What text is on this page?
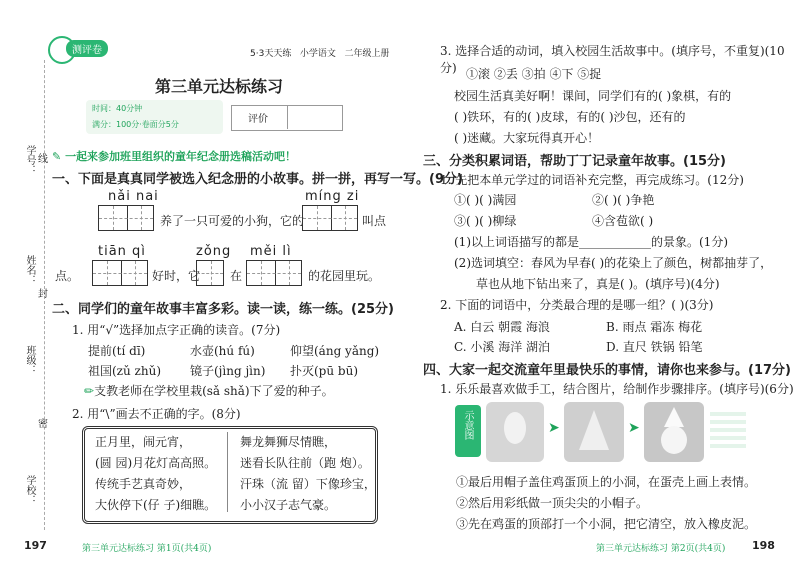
学号： 线
姓名：
封
班级：
密
学校：
测评卷	5·3天天练 小学语文 二年级上册
第三单元达标练习
时间：40分钟
满分：100分·卷面分5分	评价
✎ 一起来参加班里组织的童年纪念册选稿活动吧！
一、下面是真真同学被选入纪念册的小故事。拼一拼，再写一写。(9分)
nǎi nai	míng zi
养了一只可爱的小狗，它的	叫点
tiān qì	zǒng měi lì
点。	好时，它 在	的花园里玩。
二、同学们的童年故事丰富多彩。读一读，练一练。(25分)
1. 用“√”选择加点字正确的读音。(7分)
提前(tí dī)	水壶(hú fú)	仰望(áng yǎng)
祖国(zǔ zhǔ) 镜子(jìng jìn) 扑灭(pū bū)
✏支教老师在学校里栽(sǎ shǎ)下了爱的种子。
2. 用“\”画去不正确的字。(8分)
正月里，闹元宵，	舞龙舞狮尽情瞧，
(圆 园)月花灯高高照。 迷看长队往前（跑 炮）。
传统手艺真奇妙，	汗珠（流 留）下像珍宝，
大伙停下(仔 子)细瞧。 小小汉子志气豪。
197	第三单元达标练习 第1页(共4页)
3. 选择合适的动词，填入校园生活故事中。(填序号，不重复)(10分) ①滚 ②丢 ③拍 ④下 ⑤捉
校园生活真美好啊！课间，同学们有的( )象棋，有的
( )铁环，有的( )皮球，有的( )沙包，还有的
( )迷藏。大家玩得真开心！
三、分类积累词语，帮助丁丁记录童年故事。(15分)
1. 先把本单元学过的词语补充完整，再完成练习。(12分)
①( )( )满园	②( )( )争艳
③( )( )柳绿	④含苞欲( )
(1)以上词语描写的都是____________的景象。(1分)
(2)选词填空：春风为早春( )的花染上了颜色，树都抽芽了，
草也从地下钻出来了，真是( )。(填序号)(4分)
2. 下面的词语中，分类最合理的是哪一组？( )(3分)
A. 白云 朝霞 海浪	B. 雨点 霜冻 梅花
C. 小溪 海洋 湖泊	D. 直尺 铁锅 铅笔
四、大家一起交流童年里最快乐的事情，请你也来参与。(17分)
1. 乐乐最喜欢做手工，结合图片，给制作步骤排序。(填序号)(6分)
示意图	➤	➤
①最后用帽子盖住鸡蛋顶上的小洞，在蛋壳上画上表情。
②然后用彩纸做一顶尖尖的小帽子。
③先在鸡蛋的顶部打一个小洞，把它清空，放入橡皮泥。
第三单元达标练习 第2页(共4页) 198
